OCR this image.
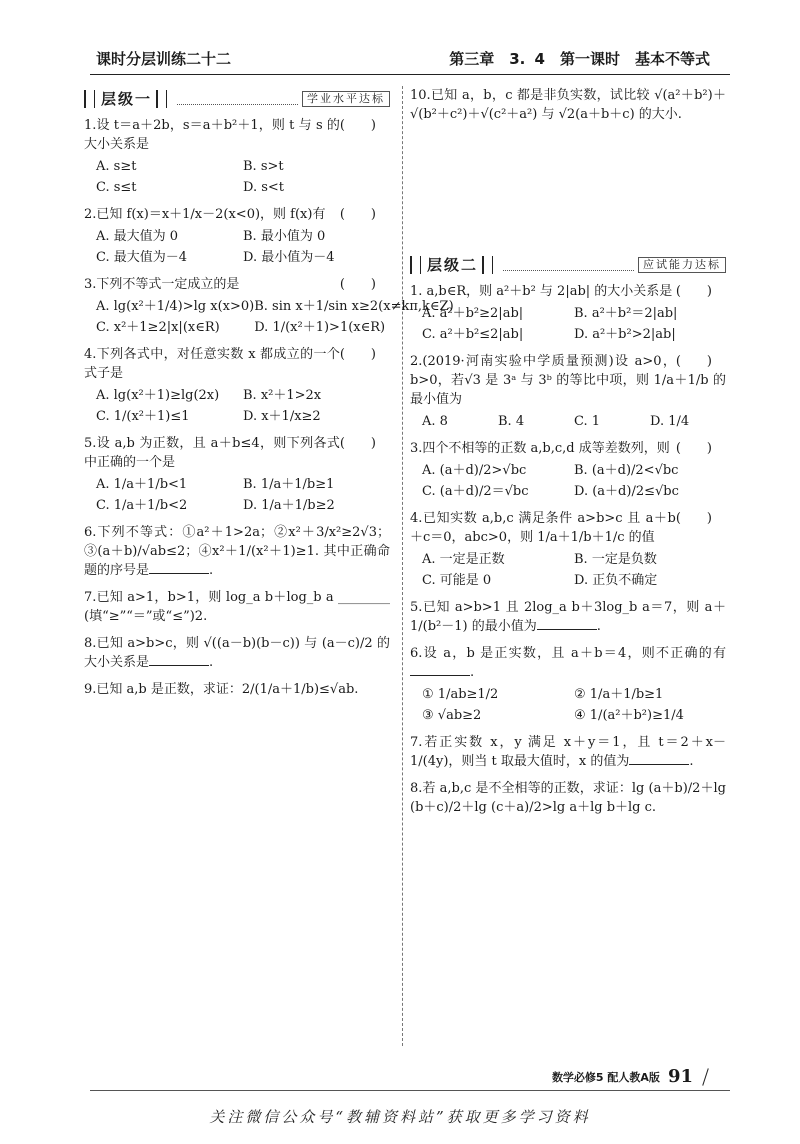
课时分层训练二十二	第三章　3. 4　第一课时　基本不等式
层级一	学业水平达标
(　　)
1.设 t＝a＋2b，s＝a＋b²＋1，则 t 与 s 的大小关系是
A. s≥t	B. s>t
C. s≤t	D. s<t
(　　)
2.已知 f(x)＝x＋1/x－2(x<0)，则 f(x)有
A. 最大值为 0	B. 最小值为 0
C. 最大值为－4	D. 最小值为－4
(　　)
3.下列不等式一定成立的是
A. lg(x²＋1/4)>lg x(x>0) B. sin x＋1/sin x≥2(x≠kπ,k∈Z)
C. x²＋1≥2|x|(x∈R)	D. 1/(x²＋1)>1(x∈R)
(　　)
4.下列各式中，对任意实数 x 都成立的一个式子是
A. lg(x²＋1)≥lg(2x)	B. x²＋1>2x
C. 1/(x²＋1)≤1	D. x＋1/x≥2
(　　)
5.设 a,b 为正数，且 a＋b≤4，则下列各式中正确的一个是
A. 1/a＋1/b<1	B. 1/a＋1/b≥1
C. 1/a＋1/b<2	D. 1/a＋1/b≥2
6.下列不等式：①a²＋1>2a；②x²＋3/x²≥2√3；③(a＋b)/√ab≤2；④x²＋1/(x²＋1)≥1. 其中正确命题的序号是	.
7.已知 a>1，b>1，则 log_a b＋log_b a ________ (填“≥”“＝”或“≤”)2.
8.已知 a>b>c，则 √((a－b)(b－c)) 与 (a－c)/2 的大小关系是	.
9.已知 a,b 是正数，求证：2/(1/a＋1/b)≤√ab.
10.已知 a，b，c 都是非负实数，试比较 √(a²＋b²)＋√(b²＋c²)＋√(c²＋a²) 与 √2(a＋b＋c) 的大小.
层级二	应试能力达标
(　　)
1. a,b∈R，则 a²＋b² 与 2|ab| 的大小关系是
A. a²＋b²≥2|ab|	B. a²＋b²＝2|ab|
C. a²＋b²≤2|ab|	D. a²＋b²>2|ab|
(　　)
2.(2019·河南实验中学质量预测)设 a>0，b>0，若√3 是 3ᵃ 与 3ᵇ 的等比中项，则 1/a＋1/b 的最小值为
A. 8	B. 4	C. 1	D. 1/4
(　　)
3.四个不相等的正数 a,b,c,d 成等差数列，则
A. (a＋d)/2>√bc	B. (a＋d)/2<√bc
C. (a＋d)/2＝√bc	D. (a＋d)/2≤√bc
(　　)
4.已知实数 a,b,c 满足条件 a>b>c 且 a＋b＋c＝0，abc>0，则 1/a＋1/b＋1/c 的值
A. 一定是正数	B. 一定是负数
C. 可能是 0	D. 正负不确定
5.已知 a>b>1 且 2log_a b＋3log_b a＝7，则 a＋1/(b²－1) 的最小值为	.
6.设 a，b 是正实数，且 a＋b＝4，则不正确的有.
① 1/ab≥1/2	② 1/a＋1/b≥1
③ √ab≥2	④ 1/(a²＋b²)≥1/4
7.若正实数 x，y 满足 x＋y＝1，且 t＝2＋x－1/(4y)，则当 t 取最大值时，x 的值为	.
8.若 a,b,c 是不全相等的正数，求证：lg (a＋b)/2＋lg (b＋c)/2＋lg (c＋a)/2>lg a＋lg b＋lg c.
数学必修5 配人教A版 91
关注微信公众号“教辅资料站”获取更多学习资料
